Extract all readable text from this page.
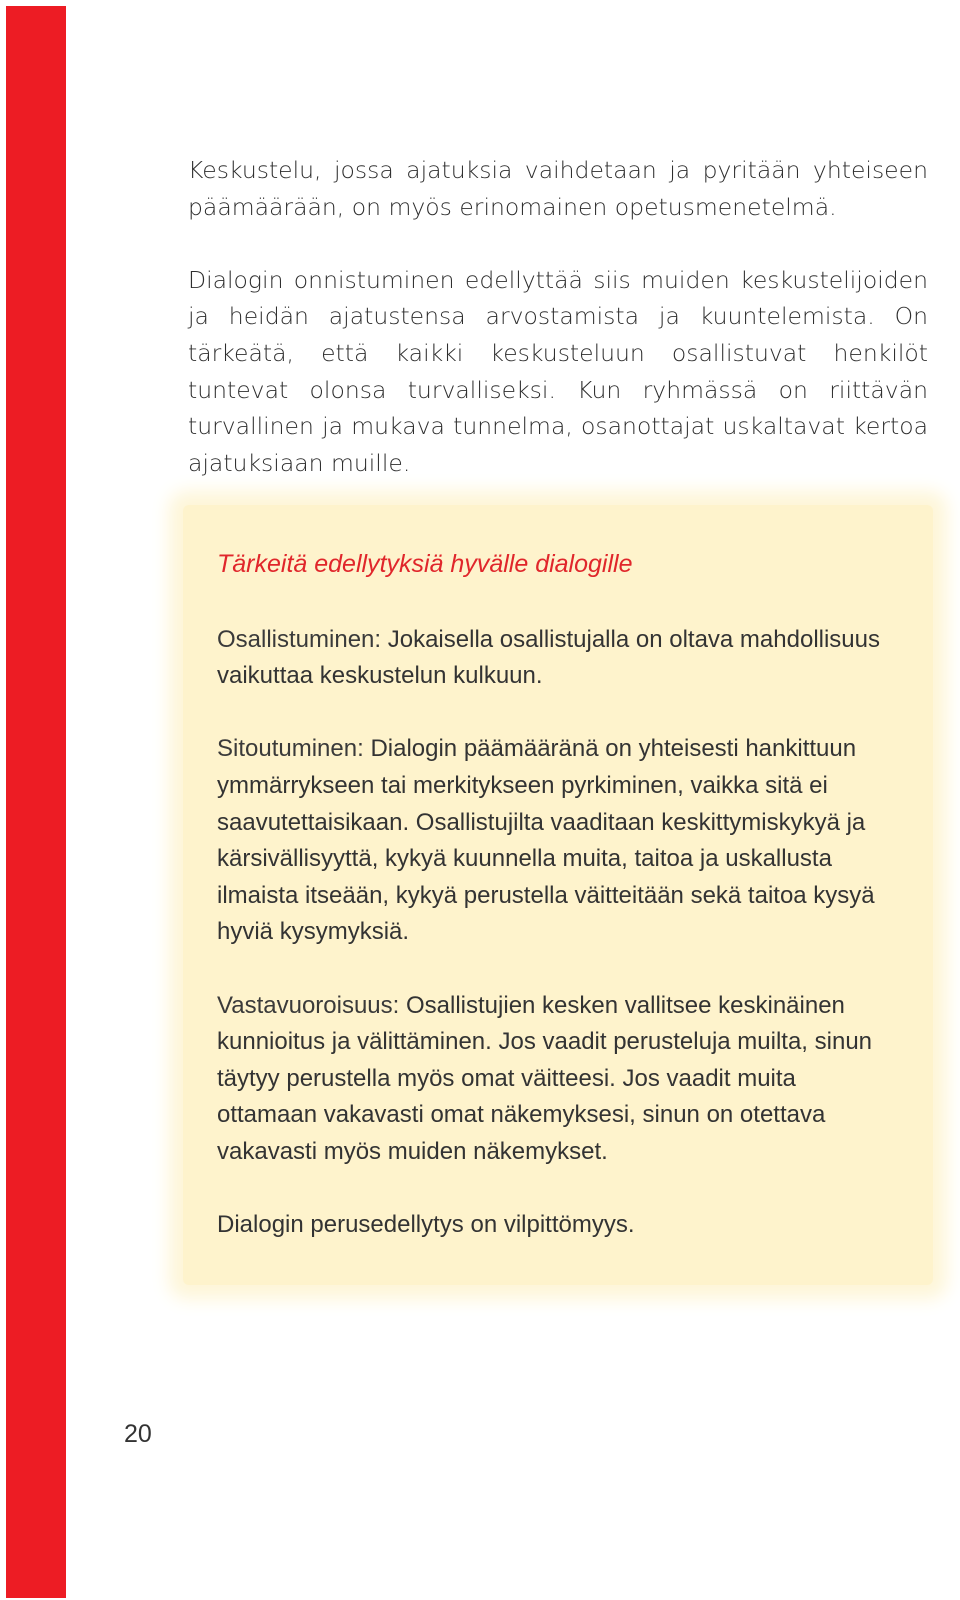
Keskustelu, jossa ajatuksia vaihdetaan ja pyritään yhteiseen päämäärään, on myös erinomainen opetusmenetelmä.

Dialogin onnistuminen edellyttää siis muiden keskustelijoiden ja heidän ajatustensa arvostamista ja kuuntelemista. On tärkeätä, että kaikki keskusteluun osallistuvat henkilöt tuntevat olonsa turvalliseksi. Kun ryhmässä on riittävän turvallinen ja mukava tunnelma, osanottajat uskaltavat kertoa ajatuksiaan muille.

Tärkeitä edellytyksiä hyvälle dialogille

Osallistuminen: Jokaisella osallistujalla on oltava mahdollisuus vaikuttaa keskustelun kulkuun.

Sitoutuminen: Dialogin päämääränä on yhteisesti hankittuun ymmärrykseen tai merkitykseen pyrkiminen, vaikka sitä ei saavutettaisikaan. Osallistujilta vaaditaan keskittymiskykyä ja kärsivällisyyttä, kykyä kuunnella muita, taitoa ja uskallusta ilmaista itseään, kykyä perustella väitteitään sekä taitoa kysyä hyviä kysymyksiä.

Vastavuoroisuus: Osallistujien kesken vallitsee keskinäinen kunnioitus ja välittäminen. Jos vaadit perusteluja muilta, sinun täytyy perustella myös omat väitteesi. Jos vaadit muita ottamaan vakavasti omat näkemyksesi, sinun on otettava vakavasti myös muiden näkemykset.

Dialogin perusedellytys on vilpittömyys.

20
